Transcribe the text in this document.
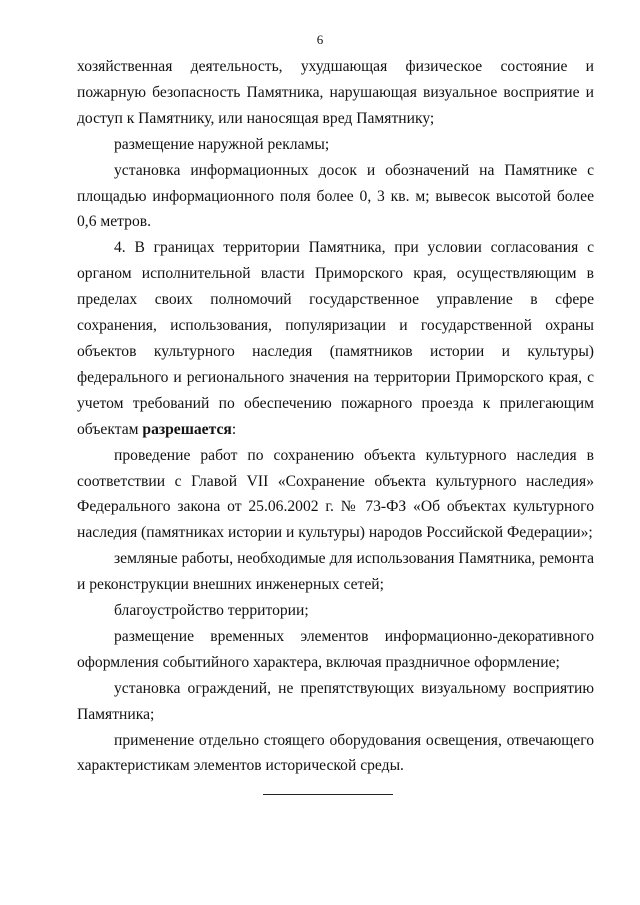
6

хозяйственная деятельность, ухудшающая физическое состояние и пожарную безопасность Памятника, нарушающая визуальное восприятие и доступ к Памятнику, или наносящая вред Памятнику;

размещение наружной рекламы;

установка информационных досок и обозначений на Памятнике с площадью информационного поля более 0, 3 кв. м; вывесок высотой более 0,6 метров.

4. В границах территории Памятника, при условии согласования с органом исполнительной власти Приморского края, осуществляющим в пределах своих полномочий государственное управление в сфере сохранения, использования, популяризации и государственной охраны объектов культурного наследия (памятников истории и культуры) федерального и регионального значения на территории Приморского края, с учетом требований по обеспечению пожарного проезда к прилегающим объектам разрешается:

проведение работ по сохранению объекта культурного наследия в соответствии с Главой VII «Сохранение объекта культурного наследия» Федерального закона от 25.06.2002 г. № 73-ФЗ «Об объектах культурного наследия (памятниках истории и культуры) народов Российской Федерации»;

земляные работы, необходимые для использования Памятника, ремонта и реконструкции внешних инженерных сетей;

благоустройство территории;

размещение временных элементов информационно-декоративного оформления событийного характера, включая праздничное оформление;

установка ограждений, не препятствующих визуальному восприятию Памятника;

применение отдельно стоящего оборудования освещения, отвечающего характеристикам элементов исторической среды.
